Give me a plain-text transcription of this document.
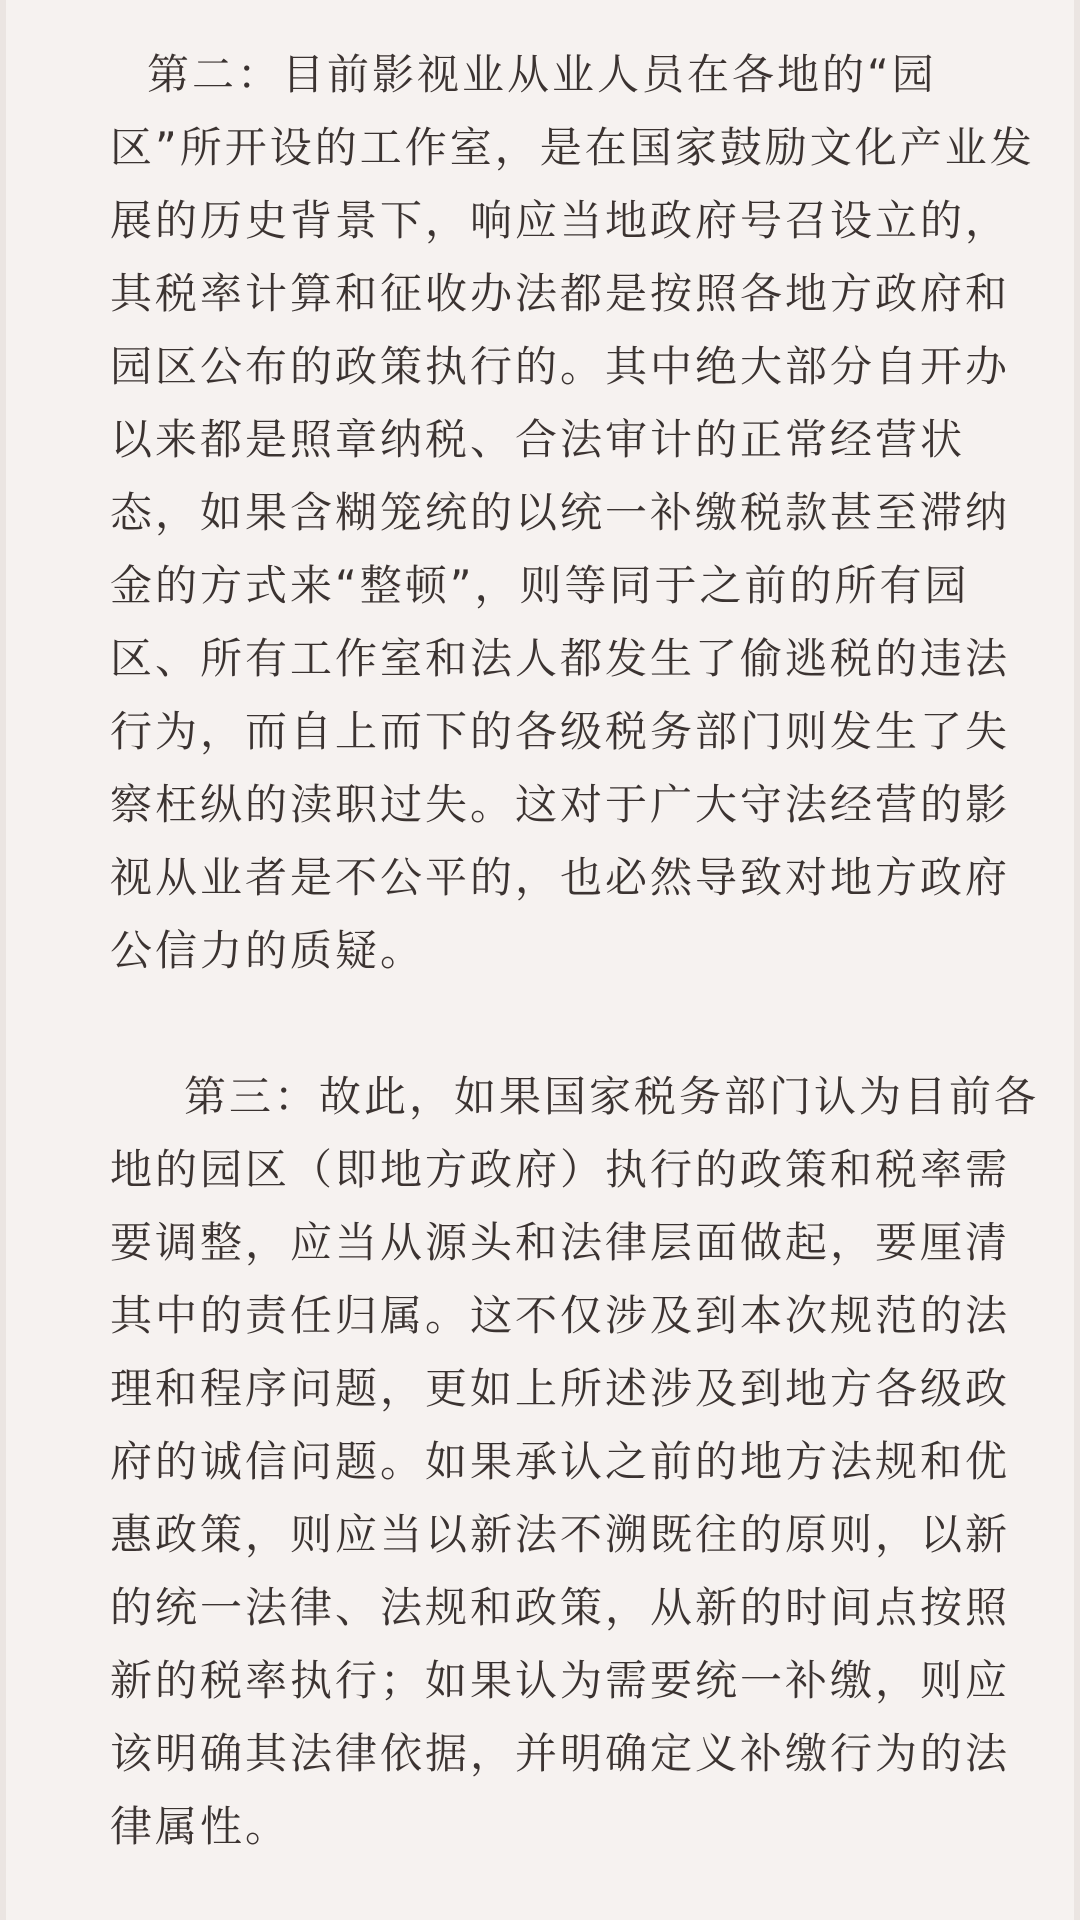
第二：目前影视业从业人员在各地的“园
区”所开设的工作室，是在国家鼓励文化产业发
展的历史背景下，响应当地政府号召设立的，
其税率计算和征收办法都是按照各地方政府和
园区公布的政策执行的。其中绝大部分自开办
以来都是照章纳税、合法审计的正常经营状
态，如果含糊笼统的以统一补缴税款甚至滞纳
金的方式来“整顿”，则等同于之前的所有园
区、所有工作室和法人都发生了偷逃税的违法
行为，而自上而下的各级税务部门则发生了失
察枉纵的渎职过失。这对于广大守法经营的影
视从业者是不公平的，也必然导致对地方政府
公信力的质疑。

第三：故此，如果国家税务部门认为目前各
地的园区（即地方政府）执行的政策和税率需
要调整，应当从源头和法律层面做起，要厘清
其中的责任归属。这不仅涉及到本次规范的法
理和程序问题，更如上所述涉及到地方各级政
府的诚信问题。如果承认之前的地方法规和优
惠政策，则应当以新法不溯既往的原则，以新
的统一法律、法规和政策，从新的时间点按照
新的税率执行；如果认为需要统一补缴，则应
该明确其法律依据，并明确定义补缴行为的法
律属性。
